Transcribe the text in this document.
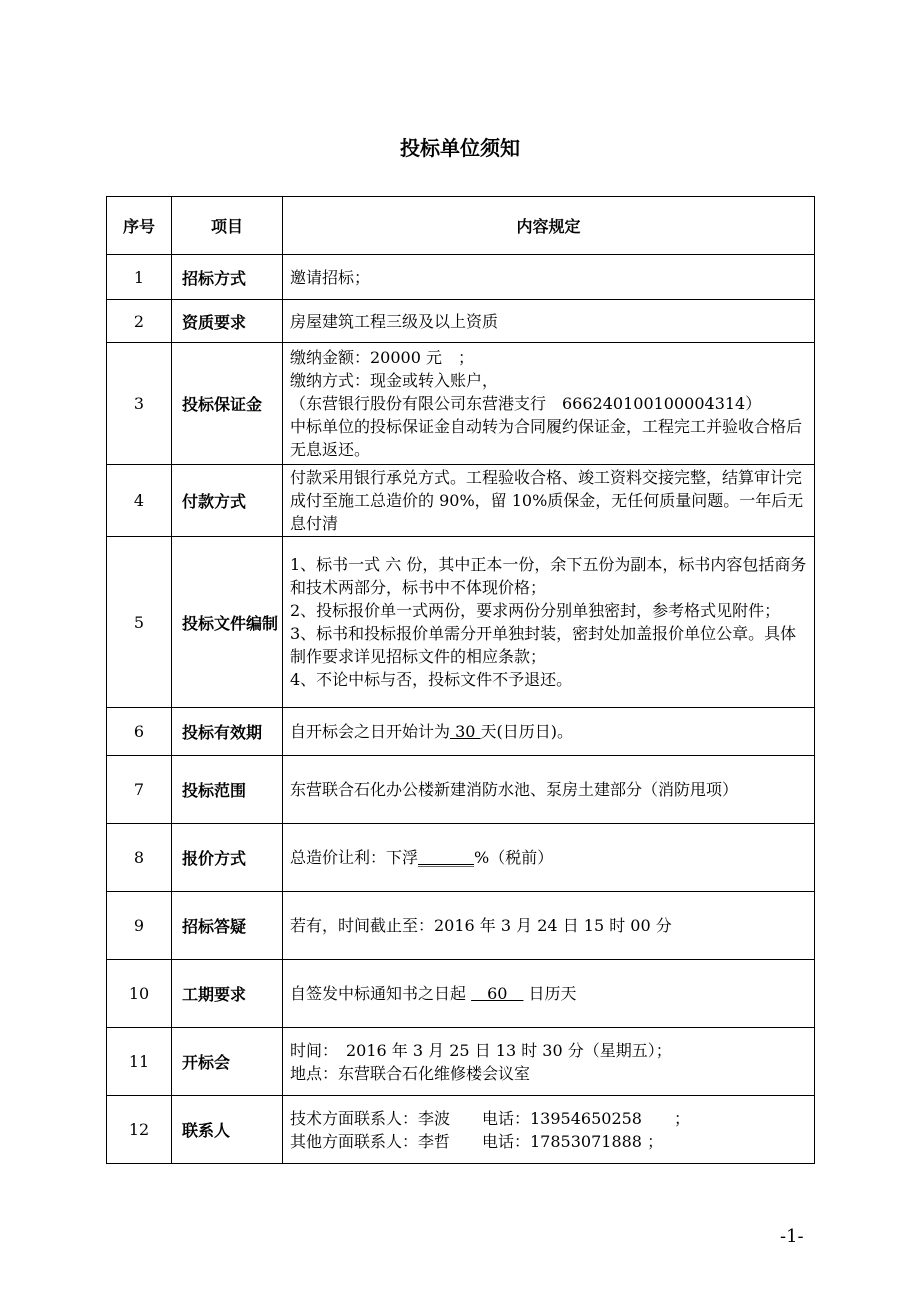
投标单位须知
序号	项目	内容规定
1	招标方式	邀请招标；

2	资质要求	房屋建筑工程三级及以上资质

3	投标保证金	缴纳金额：20000 元　；
缴纳方式：现金或转入账户，
（东营银行股份有限公司东营港支行　666240100100004314）
中标单位的投标保证金自动转为合同履约保证金，工程完工并验收合格后无息返还。

4	付款方式	付款采用银行承兑方式。工程验收合格、竣工资料交接完整，结算审计完成付至施工总造价的 90%，留 10%质保金，无任何质量问题。一年后无息付清

5	投标文件编制	1、标书一式 六 份，其中正本一份，余下五份为副本，标书内容包括商务和技术两部分，标书中不体现价格；
2、投标报价单一式两份，要求两份分别单独密封，参考格式见附件；
3、标书和投标报价单需分开单独封装，密封处加盖报价单位公章。具体制作要求详见招标文件的相应条款；
4、不论中标与否，投标文件不予退还。

6	投标有效期	自开标会之日开始计为 30 天(日历日)。
7	投标范围	东营联合石化办公楼新建消防水池、泵房土建部分（消防甩项）

8	报价方式	总造价让利：下浮_______%（税前）
9	招标答疑	若有，时间截止至：2016 年 3 月 24 日 15 时 00 分

10	工期要求	自签发中标通知书之日起 　60　 日历天
11	开标会	时间：　2016 年 3 月 25 日 13 时 30 分（星期五）；
地点：东营联合石化维修楼会议室

12	联系人	技术方面联系人：李波　　电话：13954650258　　；
其他方面联系人：李哲　　电话：17853071888 ；
-1-
